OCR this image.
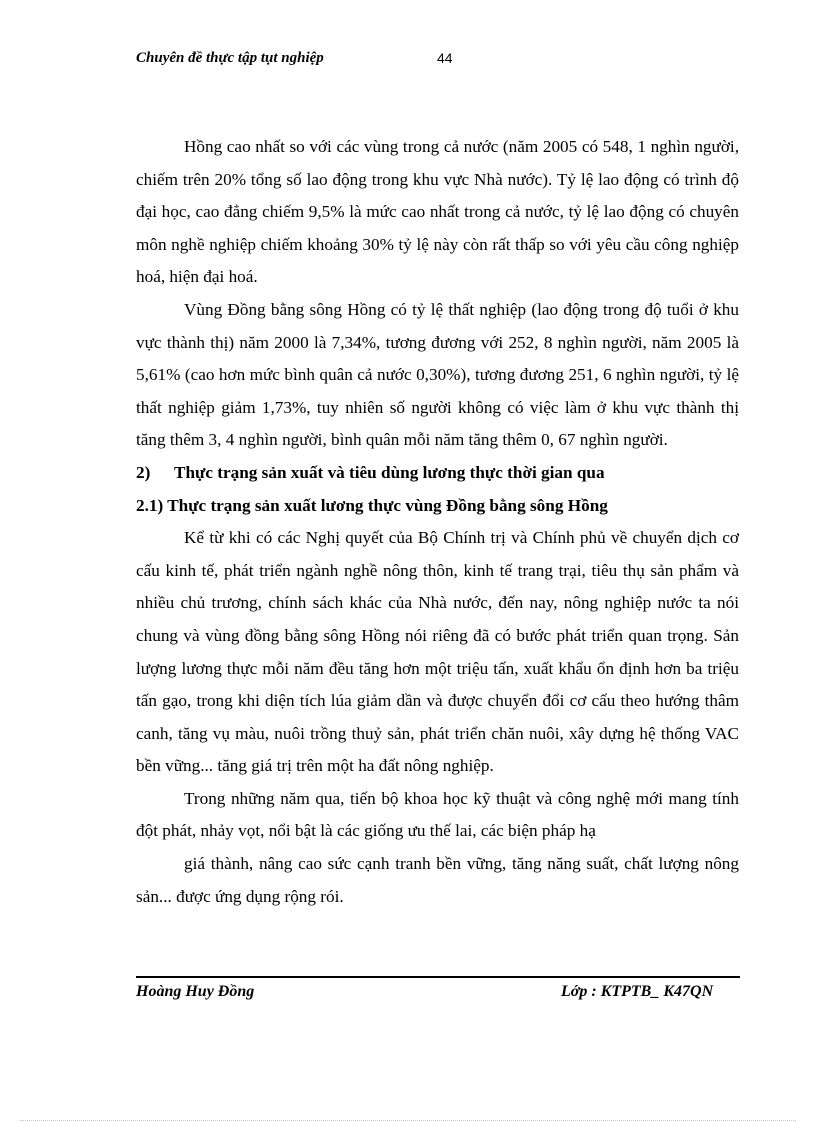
Chuyên đề thực tập tụt nghiệp	44

Hồng cao nhất so với các vùng trong cả nước (năm 2005 có 548, 1 nghìn người, chiếm trên 20% tổng số lao động trong khu vực Nhà nước). Tỷ lệ lao động có trình độ đại học, cao đẳng chiếm 9,5% là mức cao nhất trong cả nước, tỷ lệ lao động có chuyên môn nghề nghiệp chiếm khoảng 30% tỷ lệ này còn rất thấp so với yêu cầu công nghiệp hoá, hiện đại hoá.

Vùng Đồng bằng sông Hồng có tỷ lệ thất nghiệp (lao động trong độ tuổi ở khu vực thành thị) năm 2000 là 7,34%, tương đương với 252, 8 nghìn người, năm 2005 là 5,61% (cao hơn mức bình quân cả nước 0,30%), tương đương 251, 6 nghìn người, tỷ lệ thất nghiệp giảm 1,73%, tuy nhiên số người không có việc làm ở khu vực thành thị tăng thêm 3, 4 nghìn người, bình quân mỗi năm tăng thêm 0, 67 nghìn người.

2) Thực trạng sản xuất và tiêu dùng lương thực thời gian qua

2.1) Thực trạng sản xuất lương thực vùng Đồng bằng sông Hồng

Kể từ khi có các Nghị quyết của Bộ Chính trị và Chính phủ về chuyển dịch cơ cấu kinh tế, phát triển ngành nghề nông thôn, kinh tế trang trại, tiêu thụ sản phẩm và nhiều chủ trương, chính sách khác của Nhà nước, đến nay, nông nghiệp nước ta nói chung và vùng đồng bằng sông Hồng nói riêng đã có bước phát triển quan trọng. Sản lượng lương thực mỗi năm đều tăng hơn một triệu tấn, xuất khẩu ổn định hơn ba triệu tấn gạo, trong khi diện tích lúa giảm dần và được chuyển đổi cơ cấu theo hướng thâm canh, tăng vụ màu, nuôi trồng thuỷ sản, phát triển chăn nuôi, xây dựng hệ thống VAC bền vững... tăng giá trị trên một ha đất nông nghiệp.

Trong những năm qua, tiến bộ khoa học kỹ thuật và công nghệ mới mang tính đột phát, nhảy vọt, nổi bật là các giống ưu thế lai, các biện pháp hạ

giá thành, nâng cao sức cạnh tranh bền vững, tăng năng suất, chất lượng nông sản... được ứng dụng rộng rói.

Hoàng Huy Đồng	Lớp : KTPTB_ K47QN
